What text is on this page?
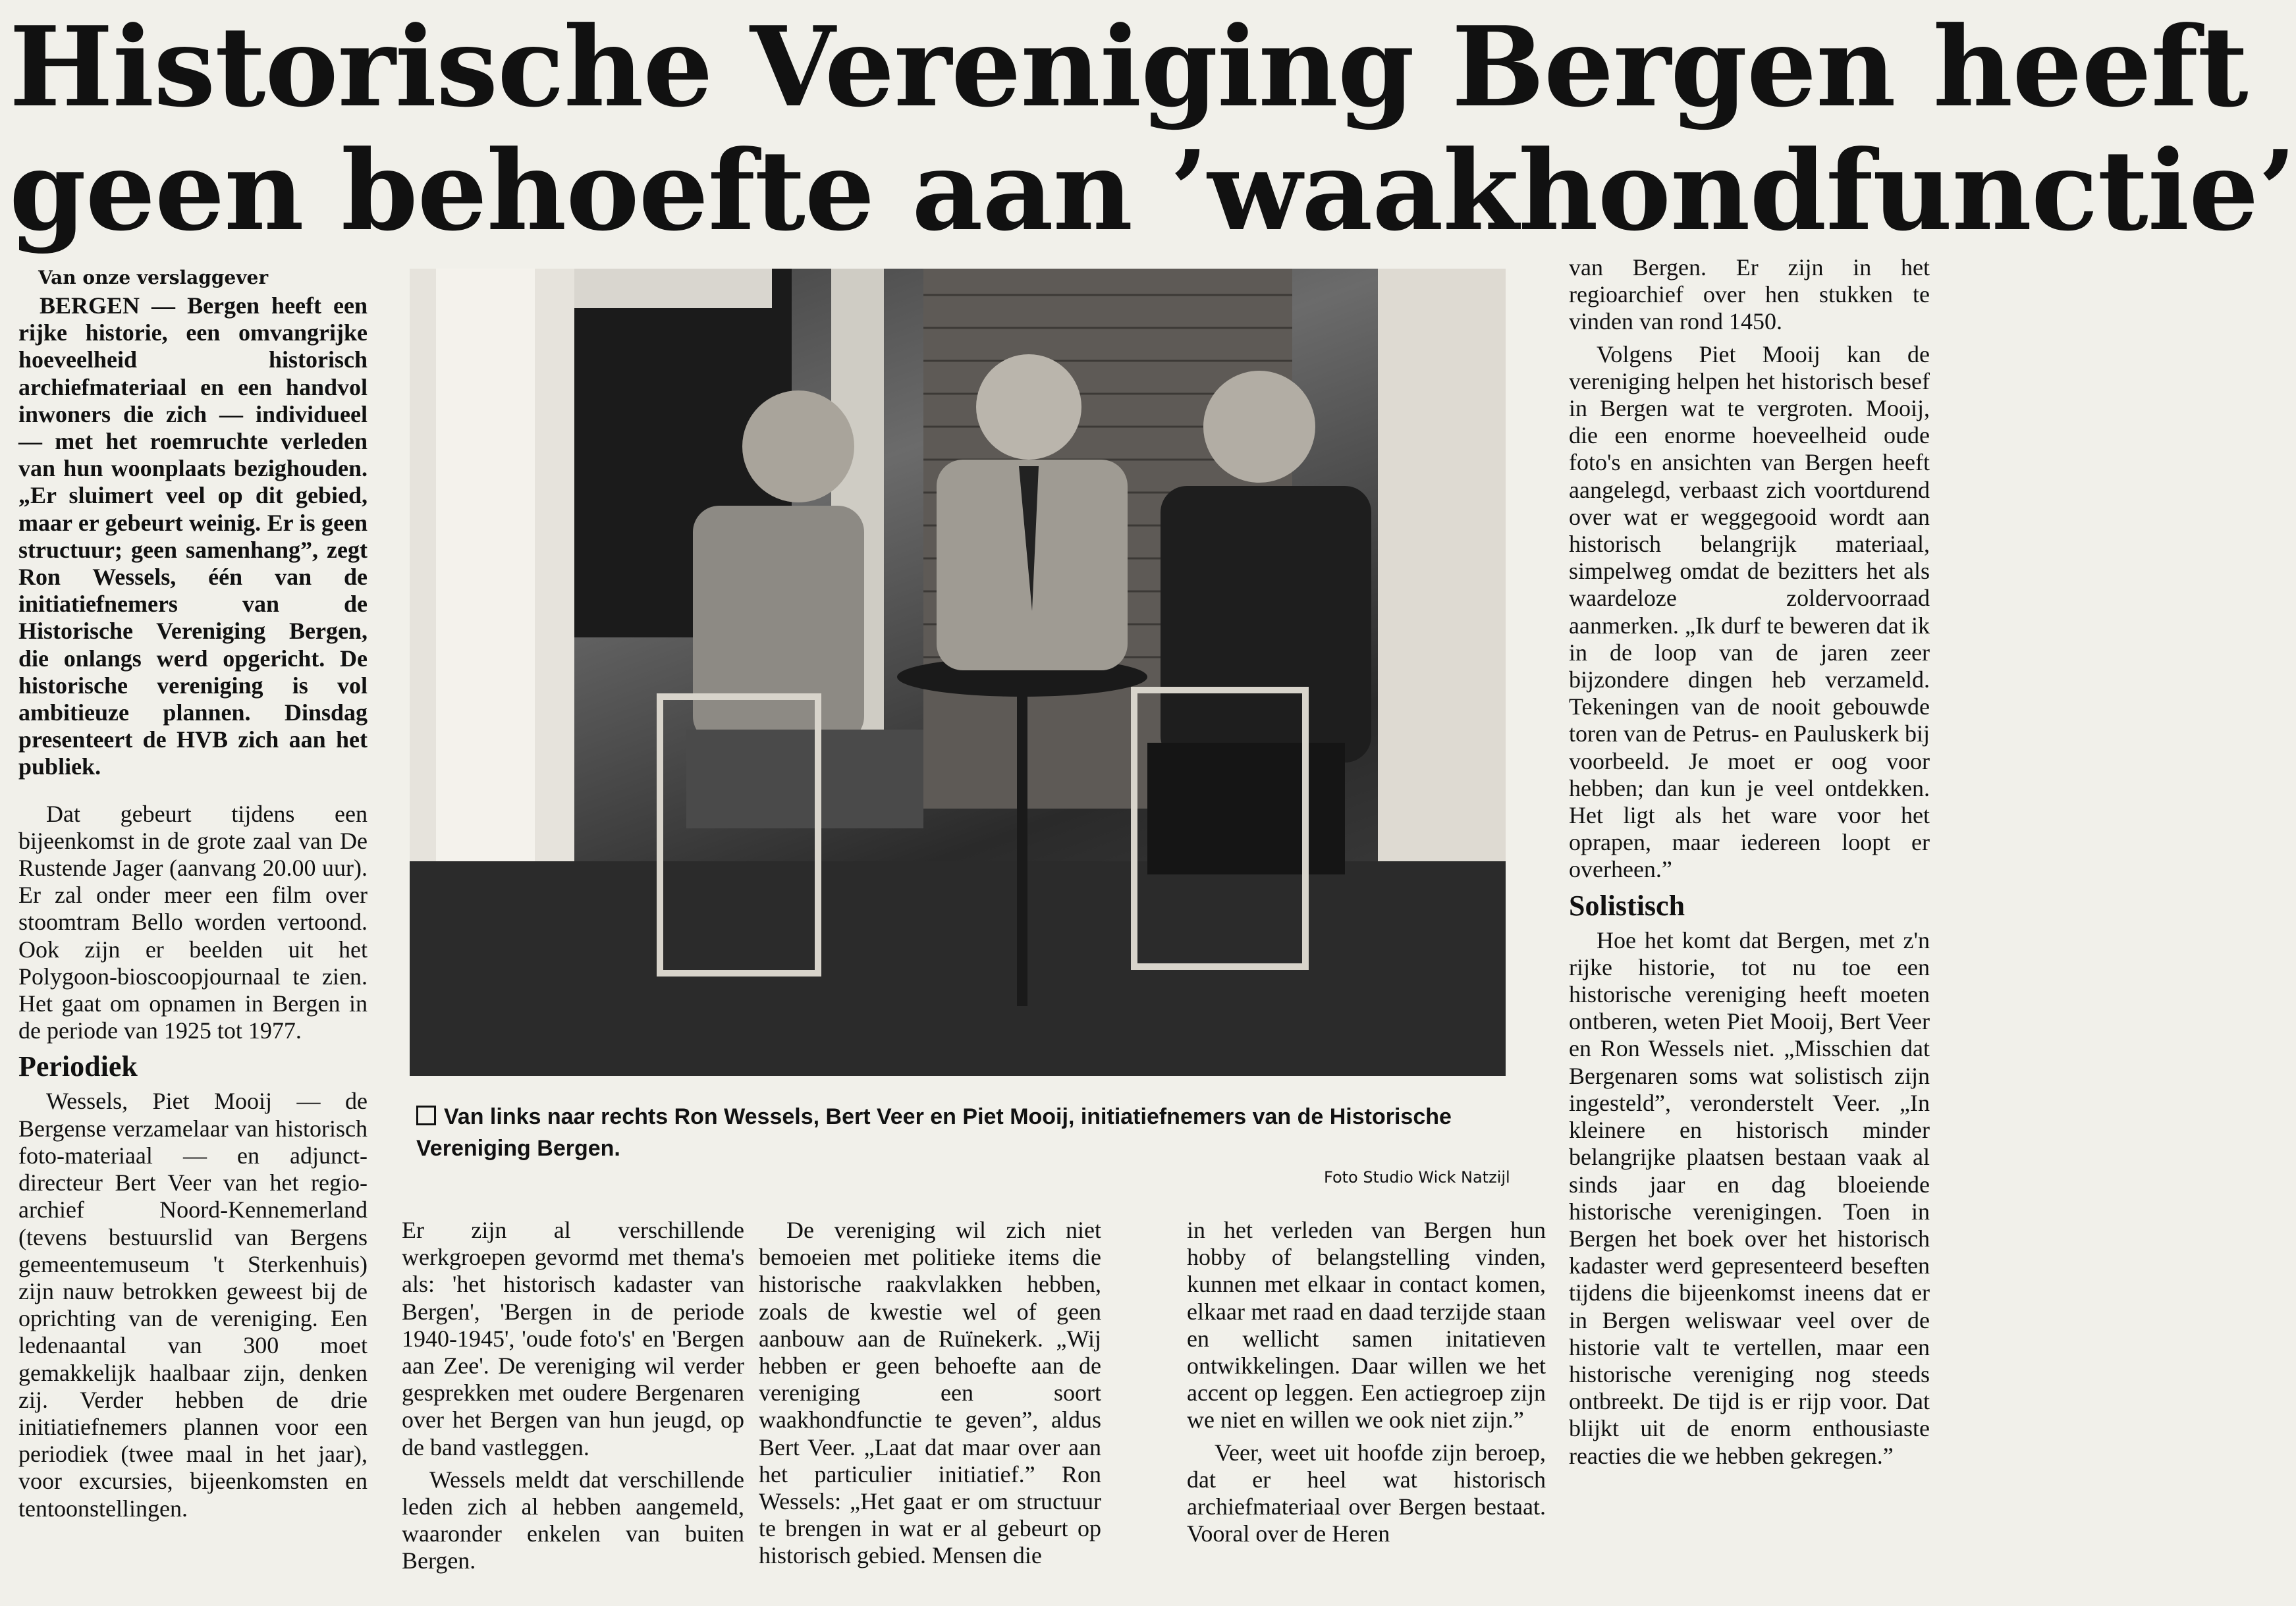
Historische Vereniging Bergen heeft
geen behoefte aan ’waakhondfunctie’
Van onze verslaggever

BERGEN — Bergen heeft een rijke historie, een omvangrijke hoeveelheid historisch archiefmateriaal en een handvol inwoners die zich — individueel — met het roemruchte verleden van hun woonplaats bezighouden. „Er sluimert veel op dit gebied, maar er gebeurt weinig. Er is geen structuur; geen samenhang”, zegt Ron Wessels, één van de initiatiefnemers van de Historische Vereniging Bergen, die onlangs werd opgericht. De historische vereniging is vol ambitieuze plannen. Dinsdag presenteert de HVB zich aan het publiek.

Dat gebeurt tijdens een bijeenkomst in de grote zaal van De Rustende Jager (aanvang 20.00 uur). Er zal onder meer een film over stoomtram Bello worden vertoond. Ook zijn er beelden uit het Polygoon-bioscoopjournaal te zien. Het gaat om opnamen in Bergen in de periode van 1925 tot 1977.

Periodiek

Wessels, Piet Mooij — de Bergense verzamelaar van historisch foto-materiaal — en adjunct-directeur Bert Veer van het regio-archief Noord-Kennemerland (tevens bestuurslid van Bergens gemeentemuseum 't Sterkenhuis) zijn nauw betrokken geweest bij de oprichting van de vereniging. Een ledenaantal van 300 moet gemakkelijk haalbaar zijn, denken zij. Verder hebben de drie initiatiefnemers plannen voor een periodiek (twee maal in het jaar), voor excursies, bijeenkomsten en tentoonstellingen.

Van links naar rechts Ron Wessels, Bert Veer en Piet Mooij, initiatiefnemers van de Historische Vereniging Bergen.
Foto Studio Wick Natzijl

Er zijn al verschillende werkgroepen gevormd met thema's als: 'het historisch kadaster van Bergen', 'Bergen in de periode 1940-1945', 'oude foto's' en 'Bergen aan Zee'. De vereniging wil verder gesprekken met oudere Bergenaren over het Bergen van hun jeugd, op de band vastleggen.

Wessels meldt dat verschillende leden zich al hebben aangemeld, waaronder enkelen van buiten Bergen.

De vereniging wil zich niet bemoeien met politieke items die historische raakvlakken hebben, zoals de kwestie wel of geen aanbouw aan de Ruïnekerk. „Wij hebben er geen behoefte aan de vereniging een soort waakhondfunctie te geven”, aldus Bert Veer. „Laat dat maar over aan het particulier initiatief.” Ron Wessels: „Het gaat er om structuur te brengen in wat er al gebeurt op historisch gebied. Mensen die

in het verleden van Bergen hun hobby of belangstelling vinden, kunnen met elkaar in contact komen, elkaar met raad en daad terzijde staan en wellicht samen initatieven ontwikkelingen. Daar willen we het accent op leggen. Een actiegroep zijn we niet en willen we ook niet zijn.”

Veer, weet uit hoofde zijn beroep, dat er heel wat historisch archiefmateriaal over Bergen bestaat. Vooral over de Heren

van Bergen. Er zijn in het regioarchief over hen stukken te vinden van rond 1450.

Volgens Piet Mooij kan de vereniging helpen het historisch besef in Bergen wat te vergroten. Mooij, die een enorme hoeveelheid oude foto's en ansichten van Bergen heeft aangelegd, verbaast zich voortdurend over wat er weggegooid wordt aan historisch belangrijk materiaal, simpelweg omdat de bezitters het als waardeloze zoldervoorraad aanmerken. „Ik durf te beweren dat ik in de loop van de jaren zeer bijzondere dingen heb verzameld. Tekeningen van de nooit gebouwde toren van de Petrus- en Pauluskerk bij voorbeeld. Je moet er oog voor hebben; dan kun je veel ontdekken. Het ligt als het ware voor het oprapen, maar iedereen loopt er overheen.”

Solistisch

Hoe het komt dat Bergen, met z'n rijke historie, tot nu toe een historische vereniging heeft moeten ontberen, weten Piet Mooij, Bert Veer en Ron Wessels niet. „Misschien dat Bergenaren soms wat solistisch zijn ingesteld”, veronderstelt Veer. „In kleinere en historisch minder belangrijke plaatsen bestaan vaak al sinds jaar en dag bloeiende historische verenigingen. Toen in Bergen het boek over het historisch kadaster werd gepresenteerd beseften tijdens die bijeenkomst ineens dat er in Bergen weliswaar veel over de historie valt te vertellen, maar een historische vereniging nog steeds ontbreekt. De tijd is er rijp voor. Dat blijkt uit de enorm enthousiaste reacties die we hebben gekregen.”
